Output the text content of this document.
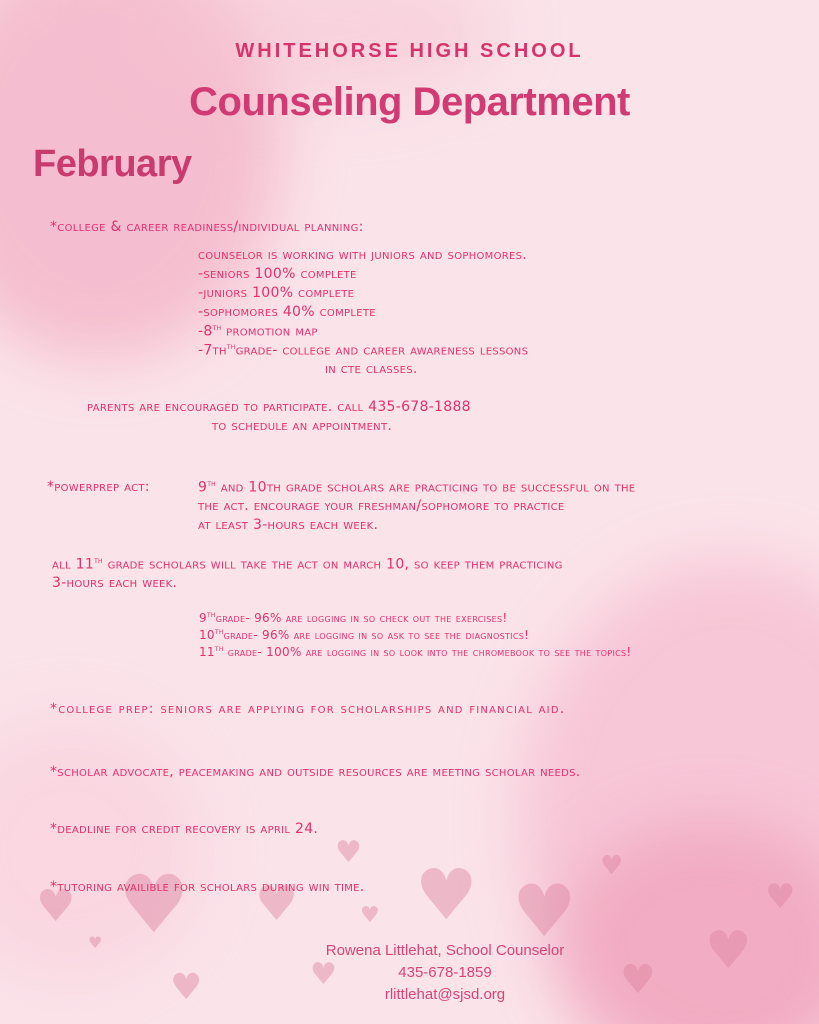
♥ ♥ ♥
♥
♥ ♥
♥
♥
♥
♥	♥
♥
♥
♥
WHITEHORSE HIGH SCHOOL
Counseling Department
February
*college & career readiness/individual planning:
counselor is working with juniors and sophomores.
-seniors 100% complete
-juniors 100% complete
-sophomores 40% complete
-8th promotion map
$-7th^{th}grade-$ college and career awareness lessons
in cte classes.
parents are encouraged to participate. call 435-678-1888
to schedule an appointment.
*powerprep act:	9th and 10th grade scholars are practicing to be successful on the
the act. encourage your freshman/sophomore to practice
at least 3-hours each week.
all 11th grade scholars will take the act on march 10, so keep them practicing
3-hours each week.
9thgrade- 96% are logging in so check out the exercises!
10thgrade- 96% are logging in so ask to see the diagnostics!
11th grade- 100% are logging in so look into the chromebook to see the topics!
*college prep: seniors are applying for scholarships and financial aid.
*scholar advocate, peacemaking and outside resources are meeting scholar needs.
*deadline for credit recovery is april 24.
*tutoring availible for scholars during win time.
Rowena Littlehat, School Counselor
435-678-1859
rlittlehat@sjsd.org
